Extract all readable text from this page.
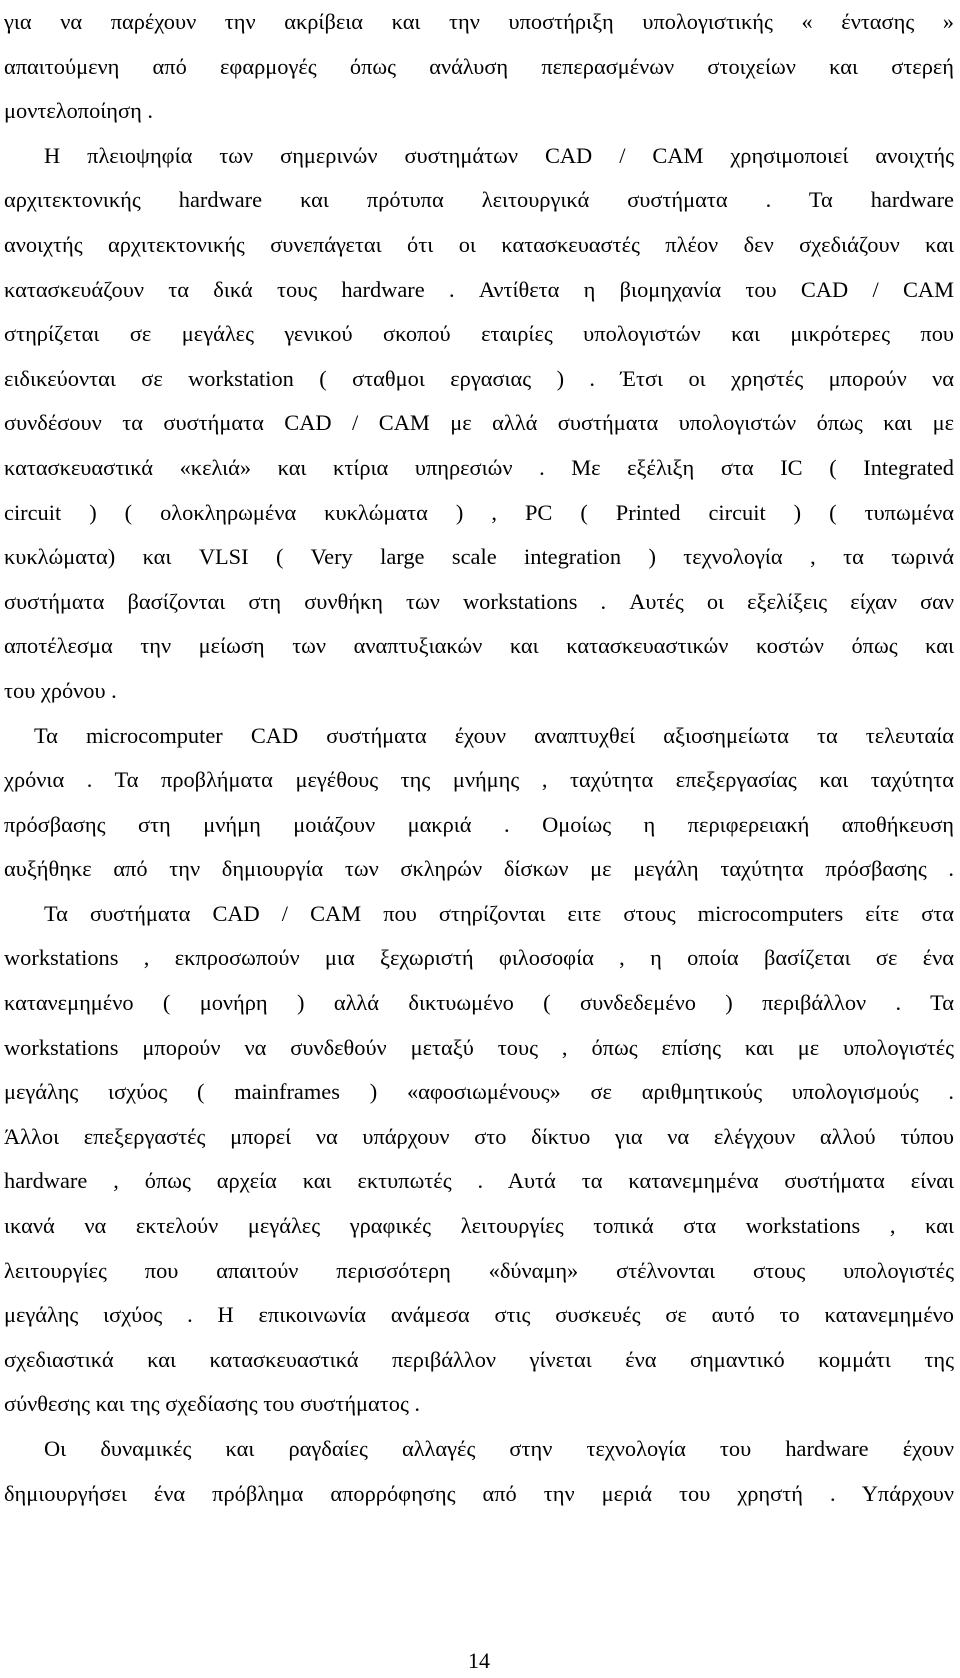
για να παρέχουν την ακρίβεια και την υποστήριξη υπολογιστικής « έντασης »
απαιτούμενη από εφαρμογές όπως ανάλυση πεπερασμένων στοιχείων και στερεή
μοντελοποίηση .

Η πλειοψηφία των σημερινών συστημάτων CAD / CAM χρησιμοποιεί ανοιχτής
αρχιτεκτονικής hardware και πρότυπα λειτουργικά συστήματα . Τα hardware
ανοιχτής αρχιτεκτονικής συνεπάγεται ότι οι κατασκευαστές πλέον δεν σχεδιάζουν και
κατασκευάζουν τα δικά τους hardware . Αντίθετα η βιομηχανία του CAD / CAM
στηρίζεται σε μεγάλες γενικού σκοπού εταιρίες υπολογιστών και μικρότερες που
ειδικεύονται σε workstation ( σταθμοι εργασιας ) . Έτσι οι χρηστές μπορούν να
συνδέσουν τα συστήματα CAD / CAM με αλλά συστήματα υπολογιστών όπως και με
κατασκευαστικά «κελιά» και κτίρια υπηρεσιών . Με εξέλιξη στα IC ( Integrated
circuit ) ( ολοκληρωμένα κυκλώματα ) , PC ( Printed circuit ) ( τυπωμένα
κυκλώματα) και VLSI ( Very large scale integration ) τεχνολογία , τα τωρινά
συστήματα βασίζονται στη συνθήκη των workstations . Αυτές οι εξελίξεις είχαν σαν
αποτέλεσμα την μείωση των αναπτυξιακών και κατασκευαστικών κοστών όπως και
του χρόνου .

Τα microcomputer CAD συστήματα έχουν αναπτυχθεί αξιοσημείωτα τα τελευταία
χρόνια . Τα προβλήματα μεγέθους της μνήμης , ταχύτητα επεξεργασίας και ταχύτητα
πρόσβασης στη μνήμη μοιάζουν μακριά . Ομοίως η περιφερειακή αποθήκευση
αυξήθηκε από την δημιουργία των σκληρών δίσκων με μεγάλη ταχύτητα πρόσβασης .

Τα συστήματα CAD / CAM που στηρίζονται ειτε στους microcomputers είτε στα
workstations , εκπροσωπούν μια ξεχωριστή φιλοσοφία , η οποία βασίζεται σε ένα
κατανεμημένο ( μονήρη ) αλλά δικτυωμένο ( συνδεδεμένο ) περιβάλλον . Τα
workstations μπορούν να συνδεθούν μεταξύ τους , όπως επίσης και με υπολογιστές
μεγάλης ισχύος ( mainframes ) «αφοσιωμένους» σε αριθμητικούς υπολογισμούς .
Άλλοι επεξεργαστές μπορεί να υπάρχουν στο δίκτυο για να ελέγχουν αλλού τύπου
hardware , όπως αρχεία και εκτυπωτές . Αυτά τα κατανεμημένα συστήματα είναι
ικανά να εκτελούν μεγάλες γραφικές λειτουργίες τοπικά στα workstations , και
λειτουργίες που απαιτούν περισσότερη «δύναμη» στέλνονται στους υπολογιστές
μεγάλης ισχύος . Η επικοινωνία ανάμεσα στις συσκευές σε αυτό το κατανεμημένο
σχεδιαστικά και κατασκευαστικά περιβάλλον γίνεται ένα σημαντικό κομμάτι της
σύνθεσης και της σχεδίασης του συστήματος .

Οι δυναμικές και ραγδαίες αλλαγές στην τεχνολογία του hardware έχουν
δημιουργήσει ένα πρόβλημα απορρόφησης από την μεριά του χρηστή . Υπάρχουν

14
